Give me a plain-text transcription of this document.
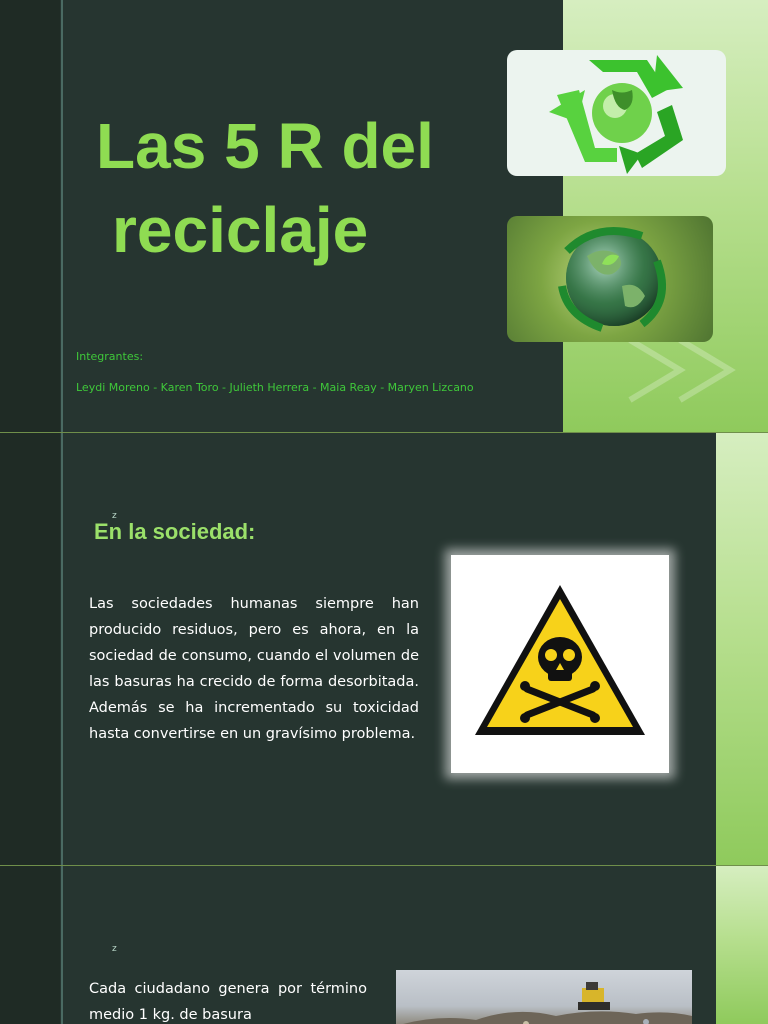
Las 5 R del
reciclaje
Integrantes:
Leydi Moreno - Karen Toro - Julieth Herrera - Maia Reay - Maryen Lizcano
z
En la sociedad:

Las sociedades humanas siempre han producido residuos, pero es ahora, en la sociedad de consumo, cuando el volumen de las basuras ha crecido de forma desorbitada. Además se ha incrementado su toxicidad hasta convertirse en un gravísimo problema.

z

Cada ciudadano genera por término medio 1 kg. de basura
